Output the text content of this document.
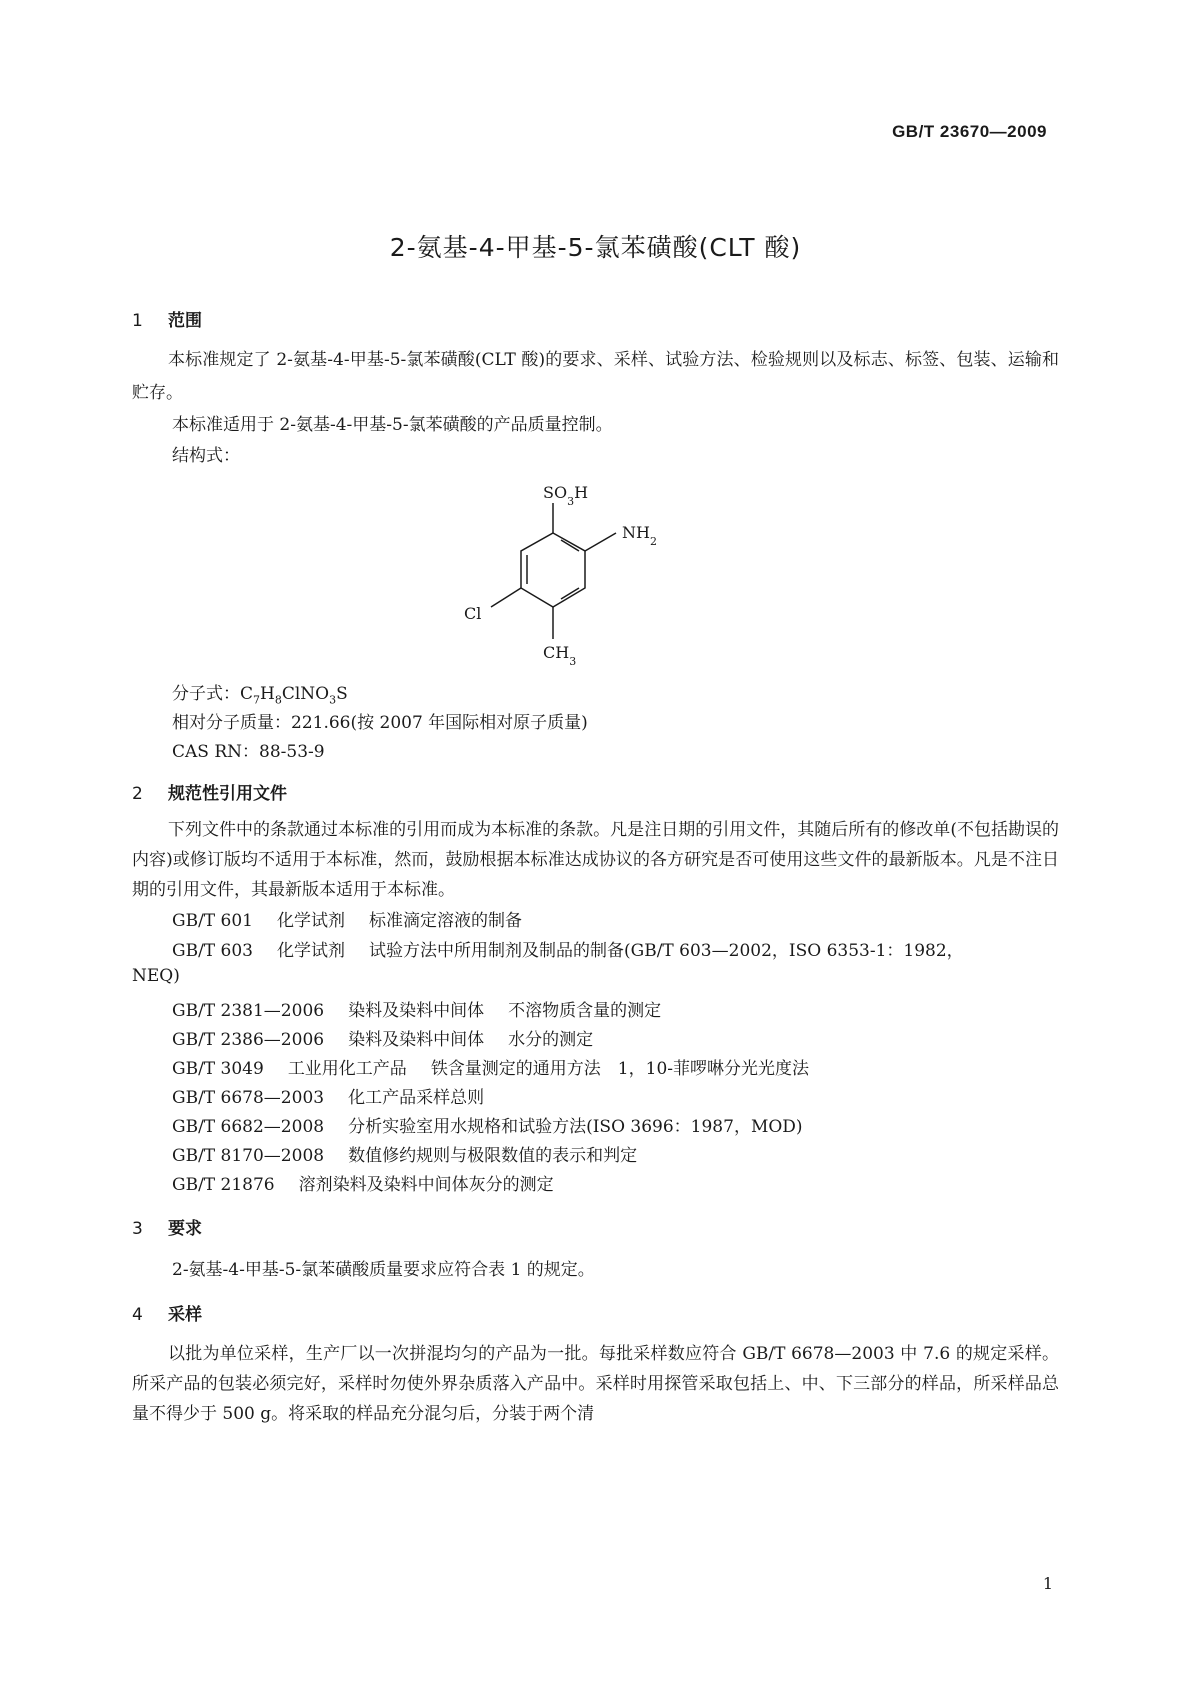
GB/T 23670—2009
2-氨基-4-甲基-5-氯苯磺酸(CLT 酸)
1 范围
本标准规定了 2-氨基-4-甲基-5-氯苯磺酸(CLT 酸)的要求、采样、试验方法、检验规则以及标志、标签、包装、运输和贮存。
本标准适用于 2-氨基-4-甲基-5-氯苯磺酸的产品质量控制。
结构式：
$SO_3H$
$NH_2$
Cl
$CH_3$
分子式：$C_7H_8ClNO_3S$
相对分子质量：221.66(按 2007 年国际相对原子质量)
CAS RN：88-53-9
2 规范性引用文件
下列文件中的条款通过本标准的引用而成为本标准的条款。凡是注日期的引用文件，其随后所有的修改单(不包括勘误的内容)或修订版均不适用于本标准，然而，鼓励根据本标准达成协议的各方研究是否可使用这些文件的最新版本。凡是不注日期的引用文件，其最新版本适用于本标准。
GB/T 601 化学试剂 标准滴定溶液的制备
GB/T 603 化学试剂 试验方法中所用制剂及制品的制备(GB/T 603—2002，ISO 6353-1：1982，
NEQ)
GB/T 2381—2006 染料及染料中间体 不溶物质含量的测定
GB/T 2386—2006 染料及染料中间体 水分的测定
GB/T 3049 工业用化工产品 铁含量测定的通用方法　1，10-菲啰啉分光光度法
GB/T 6678—2003 化工产品采样总则
GB/T 6682—2008 分析实验室用水规格和试验方法(ISO 3696：1987，MOD)
GB/T 8170—2008 数值修约规则与极限数值的表示和判定
GB/T 21876 溶剂染料及染料中间体灰分的测定
3 要求
2-氨基-4-甲基-5-氯苯磺酸质量要求应符合表 1 的规定。
4 采样
以批为单位采样，生产厂以一次拼混均匀的产品为一批。每批采样数应符合 GB/T 6678—2003 中 7.6 的规定采样。所采产品的包装必须完好，采样时勿使外界杂质落入产品中。采样时用探管采取包括上、中、下三部分的样品，所采样品总量不得少于 500 g。将采取的样品充分混匀后，分装于两个清
1
